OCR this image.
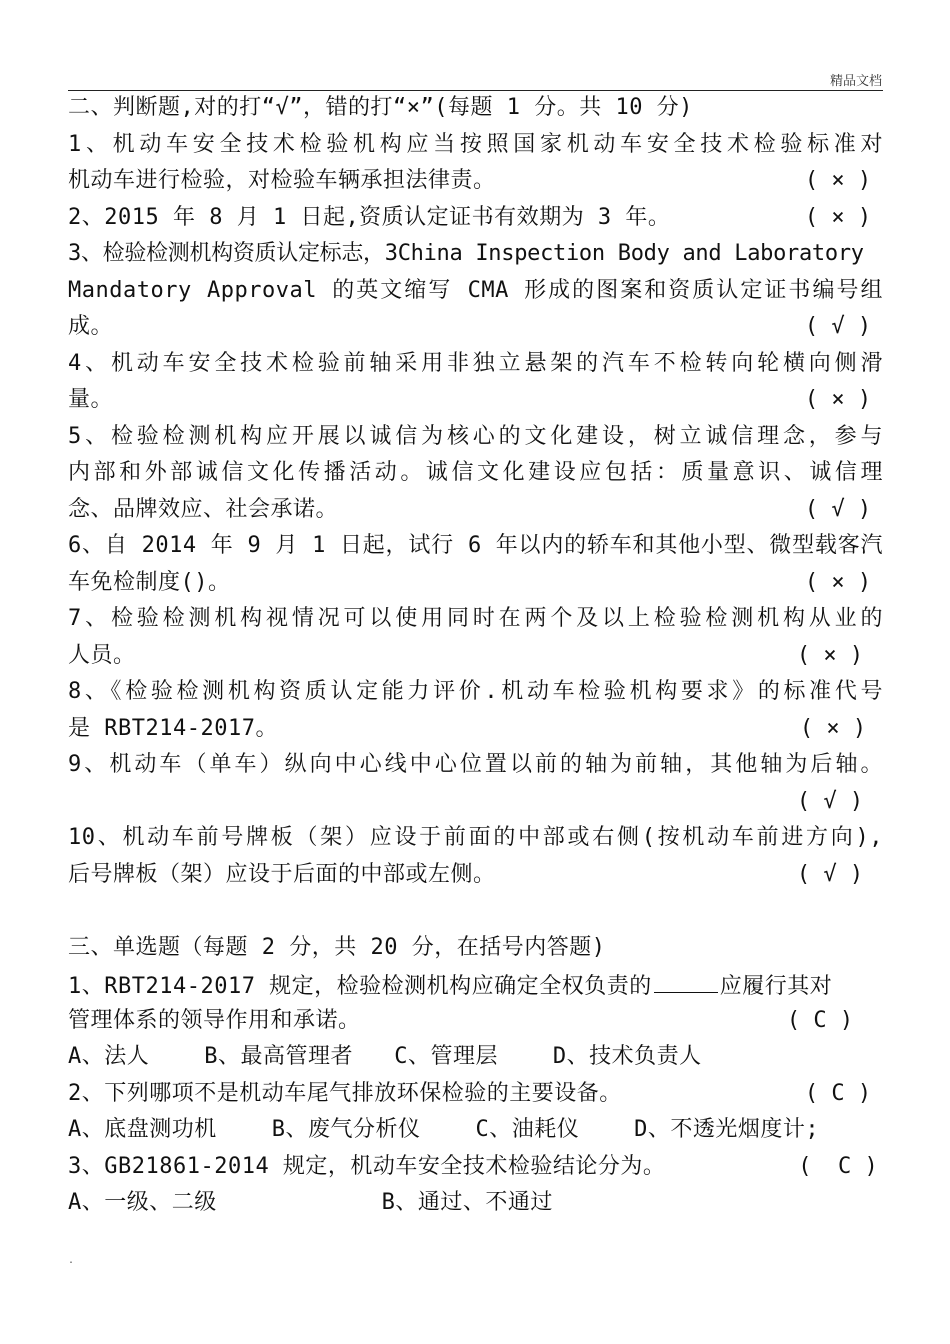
精品文档
二、判断题,对的打“√”，错的打“×”(每题 1 分。共 10 分)
1、机动车安全技术检验机构应当按照国家机动车安全技术检验标准对
机动车进行检验，对检验车辆承担法律责。	( × )
2、2015 年 8 月 1 日起,资质认定证书有效期为 3 年。	( × )
3、检验检测机构资质认定标志，3China Inspection Body and Laboratory
Mandatory Approval 的英文缩写 CMA 形成的图案和资质认定证书编号组
成。	( √ )
4、机动车安全技术检验前轴采用非独立悬架的汽车不检转向轮横向侧滑
量。	( × )
5、检验检测机构应开展以诚信为核心的文化建设，树立诚信理念，参与
内部和外部诚信文化传播活动。诚信文化建设应包括：质量意识、诚信理
念、品牌效应、社会承诺。	( √ )
6、自 2014 年 9 月 1 日起，试行 6 年以内的轿车和其他小型、微型载客汽
车免检制度()。	( × )
7、检验检测机构视情况可以使用同时在两个及以上检验检测机构从业的
人员。	( × )
8、《检验检测机构资质认定能力评价.机动车检验机构要求》的标准代号
是 RBT214-2017。	( × )
9、机动车（单车）纵向中心线中心位置以前的轴为前轴，其他轴为后轴。
( √ )
10、机动车前号牌板（架）应设于前面的中部或右侧(按机动车前进方向),
后号牌板（架）应设于后面的中部或左侧。	( √ )
三、单选题（每题 2 分，共 20 分，在括号内答题)
1、RBT214-2017 规定，检验检测机构应确定全权负责的	应履行其对
管理体系的领导作用和承诺。	( C )
A、法人    B、最高管理者   C、管理层    D、技术负责人
2、下列哪项不是机动车尾气排放环保检验的主要设备。	( C )
A、底盘测功机    B、废气分析仪    C、油耗仪    D、不透光烟度计;
3、GB21861-2014 规定，机动车安全技术检验结论分为。	(  C )
A、一级、二级            B、通过、不通过
.
